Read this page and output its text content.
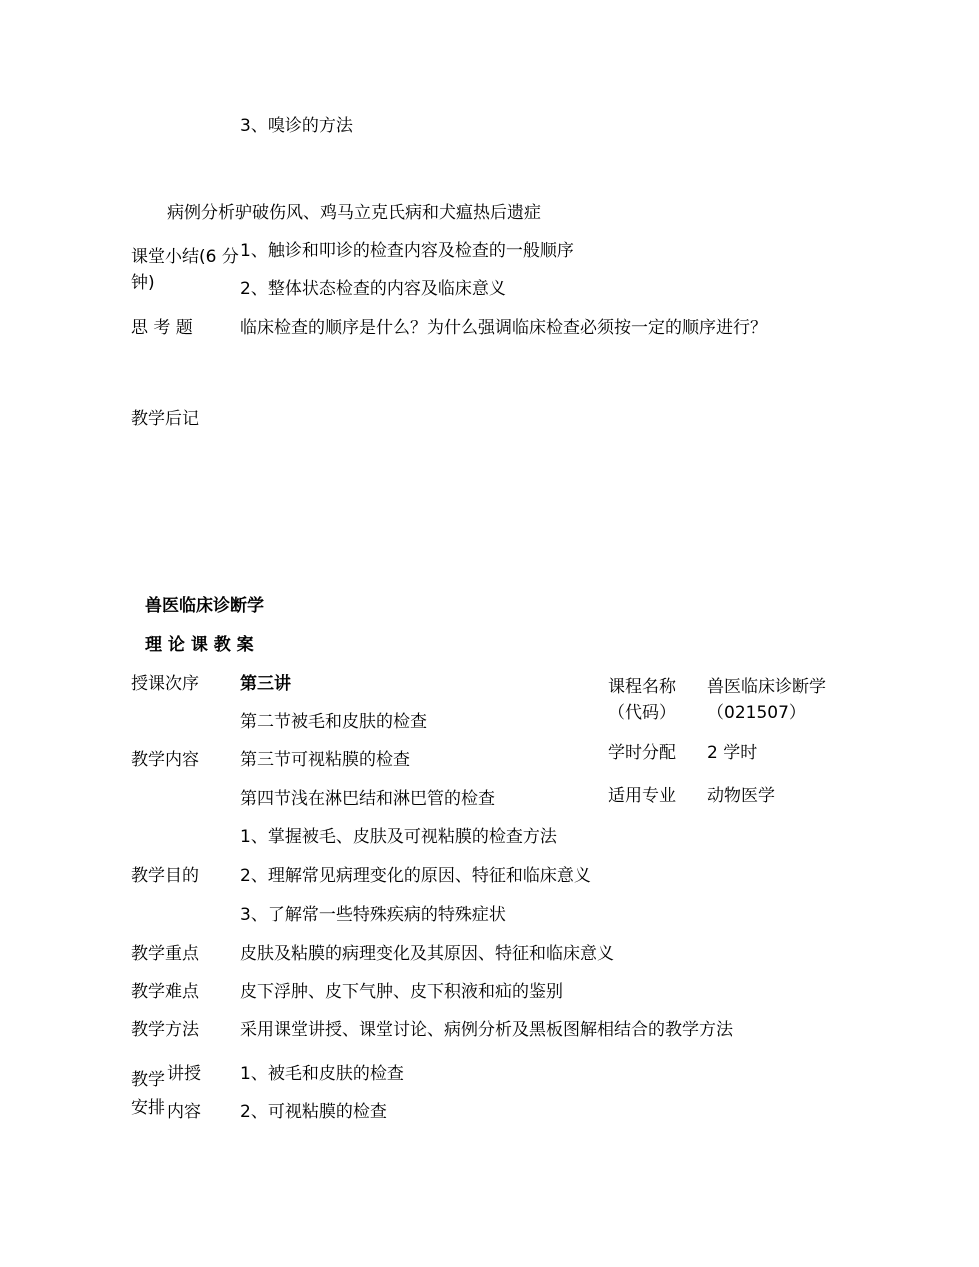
3、嗅诊的方法
病例分析驴破伤风、鸡马立克氏病和犬瘟热后遗症
课堂小结(6 分
钟)
1、触诊和叩诊的检查内容及检查的一般顺序
2、整体状态检查的内容及临床意义
思 考 题	临床检查的顺序是什么？为什么强调临床检查必须按一定的顺序进行？
教学后记
兽医临床诊断学
理 论 课 教 案
授课次序 第三讲	课程名称
（代码）
兽医临床诊断学
（021507）
学时分配 2 学时
适用专业 动物医学
教学内容
第二节被毛和皮肤的检查
第三节可视粘膜的检查
第四节浅在淋巴结和淋巴管的检查
教学目的
1、掌握被毛、皮肤及可视粘膜的检查方法
2、理解常见病理变化的原因、特征和临床意义
3、了解常一些特殊疾病的特殊症状
教学重点 皮肤及粘膜的病理变化及其原因、特征和临床意义
教学难点 皮下浮肿、皮下气肿、皮下积液和疝的鉴别
教学方法 采用课堂讲授、课堂讨论、病例分析及黑板图解相结合的教学方法
教学
安排
讲授
内容
1、被毛和皮肤的检查
2、可视粘膜的检查
